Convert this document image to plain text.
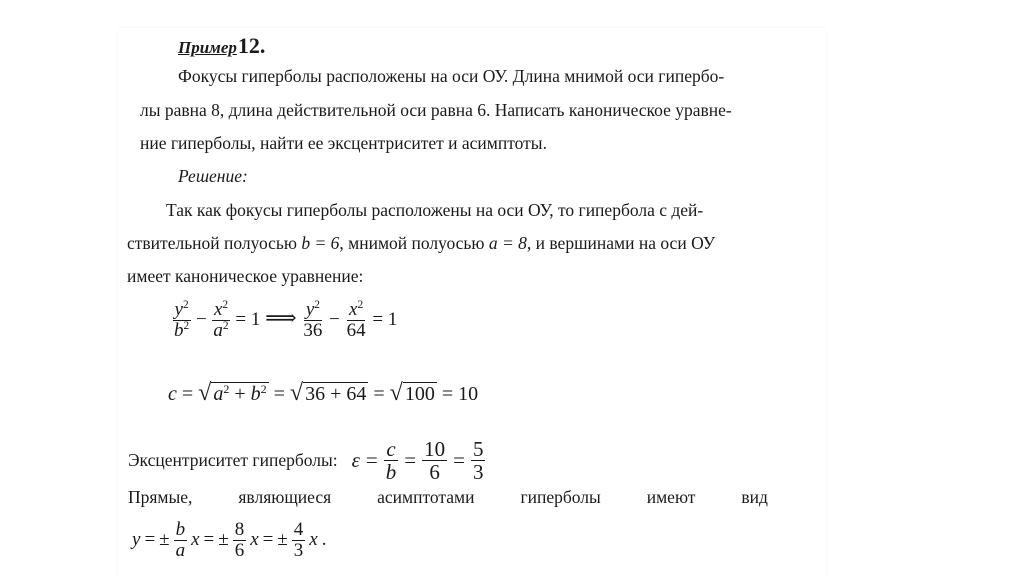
Пример12.
Фокусы гиперболы расположены на оси ОУ. Длина мнимой оси гипербо-
лы равна 8, длина действительной оси равна 6. Написать каноническое уравне-
ние гиперболы, найти ее эксцентриситет и асимптоты.
Решение:
Так как фокусы гиперболы расположены на оси ОУ, то гипербола с дей-
ствительной полуосью b = 6, мнимой полуосью a = 8, и вершинами на оси ОУ
имеет каноническое уравнение:
$\frac{y^2}{b^2} - \frac{x^2}{a^2} = 1$ ⟹ $\frac{y^2}{36} - \frac{x^2}{64} = 1$
c = √ $a^2 + b^2$ = √ 36 + 64 = √ 100 = 10
Эксцентриситет гиперболы: $\varepsilon = \frac{c}{b} = \frac{10}{6} = \frac{5}{3}$
Прямые,	являющиеся	асимптотами	гиперболы	имеют	вид
y = ± $\frac{b}{a}$ x = ± $\frac{8}{6}$ x = ± $\frac{4}{3}$ x .
